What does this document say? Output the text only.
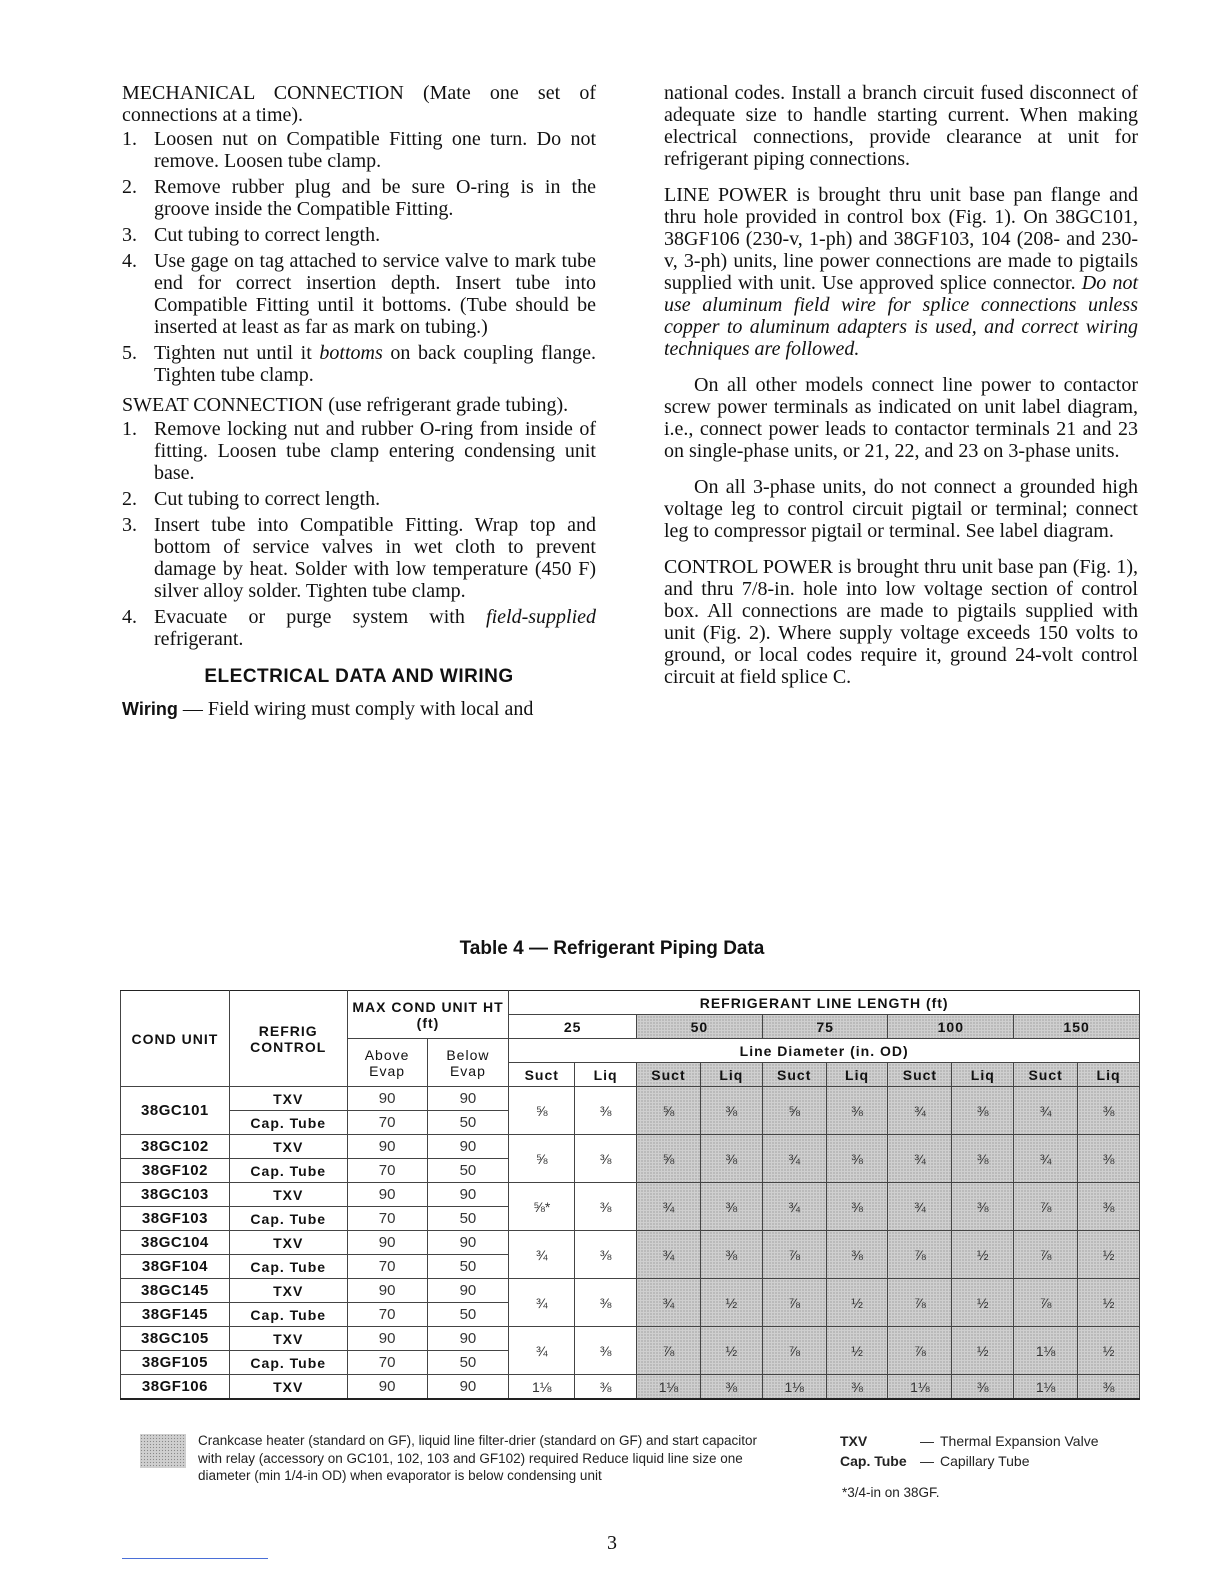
MECHANICAL CONNECTION (Mate one set of connections at a time).

1. Loosen nut on Compatible Fitting one turn. Do not remove. Loosen tube clamp.
2. Remove rubber plug and be sure O-ring is in the groove inside the Compatible Fitting.
3. Cut tubing to correct length.
4. Use gage on tag attached to service valve to mark tube end for correct insertion depth. Insert tube into Compatible Fitting until it bottoms. (Tube should be inserted at least as far as mark on tubing.)
5. Tighten nut until it bottoms on back coupling flange. Tighten tube clamp.

SWEAT CONNECTION (use refrigerant grade tubing).

1. Remove locking nut and rubber O-ring from inside of fitting. Loosen tube clamp entering condensing unit base.
2. Cut tubing to correct length.
3. Insert tube into Compatible Fitting. Wrap top and bottom of service valves in wet cloth to prevent damage by heat. Solder with low temperature (450 F) silver alloy solder. Tighten tube clamp.
4. Evacuate or purge system with field-supplied refrigerant.
ELECTRICAL DATA AND WIRING

Wiring — Field wiring must comply with local and

national codes. Install a branch circuit fused disconnect of adequate size to handle starting current. When making electrical connections, provide clearance at unit for refrigerant piping connections.

LINE POWER is brought thru unit base pan flange and thru hole provided in control box (Fig. 1). On 38GC101, 38GF106 (230-v, 1-ph) and 38GF103, 104 (208- and 230-v, 3-ph) units, line power connections are made to pigtails supplied with unit. Use approved splice connector. Do not use aluminum field wire for splice connections unless copper to aluminum adapters is used, and correct wiring techniques are followed.

On all other models connect line power to contactor screw power terminals as indicated on unit label diagram, i.e., connect power leads to contactor terminals 21 and 23 on single-phase units, or 21, 22, and 23 on 3-phase units.

On all 3-phase units, do not connect a grounded high voltage leg to control circuit pigtail or terminal; connect leg to compressor pigtail or terminal. See label diagram.

CONTROL POWER is brought thru unit base pan (Fig. 1), and thru 7/8-in. hole into low voltage section of control box. All connections are made to pigtails supplied with unit (Fig. 2). Where supply voltage exceeds 150 volts to ground, or local codes require it, ground 24-volt control circuit at field splice C.

Table 4 — Refrigerant Piping Data
COND UNIT	REFRIG CONTROL	MAX COND UNIT HT (ft)		REFRIGERANT LINE LENGTH (ft)									
				25		50		75		100		150	
		Above Evap	Below Evap	Line Diameter (in. OD)									
				Suct	Liq	Suct	Liq	Suct	Liq	Suct	Liq	Suct	Liq
38GC101	TXV	90	90	⅝	⅜	⅝	⅜	⅝	⅜	¾	⅜	¾	⅜
	Cap. Tube	70	50										
38GC102	TXV	90	90	⅝	⅜	⅝	⅜	¾	⅜	¾	⅜	¾	⅜
38GF102	Cap. Tube	70	50										
38GC103	TXV	90	90	⅝*	⅜	¾	⅜	¾	⅜	¾	⅜	⅞	⅜
38GF103	Cap. Tube	70	50										
38GC104	TXV	90	90	¾	⅜	¾	⅜	⅞	⅜	⅞	½	⅞	½
38GF104	Cap. Tube	70	50										
38GC145	TXV	90	90	¾	⅜	¾	½	⅞	½	⅞	½	⅞	½
38GF145	Cap. Tube	70	50										
38GC105	TXV	90	90	¾	⅜	⅞	½	⅞	½	⅞	½	1⅛	½
38GF105	Cap. Tube	70	50										
38GF106	TXV	90	90	1⅛	⅜	1⅛	⅜	1⅛	⅜	1⅛	⅜	1⅛	⅜
Crankcase heater (standard on GF), liquid line filter-drier (standard on GF) and start capacitor with relay (accessory on GC101, 102, 103 and GF102) required Reduce liquid line size one diameter (min 1/4-in OD) when evaporator is below condensing unit
TXV	— Thermal Expansion Valve
Cap. Tube — Capillary Tube
*3/4-in on 38GF.
3
